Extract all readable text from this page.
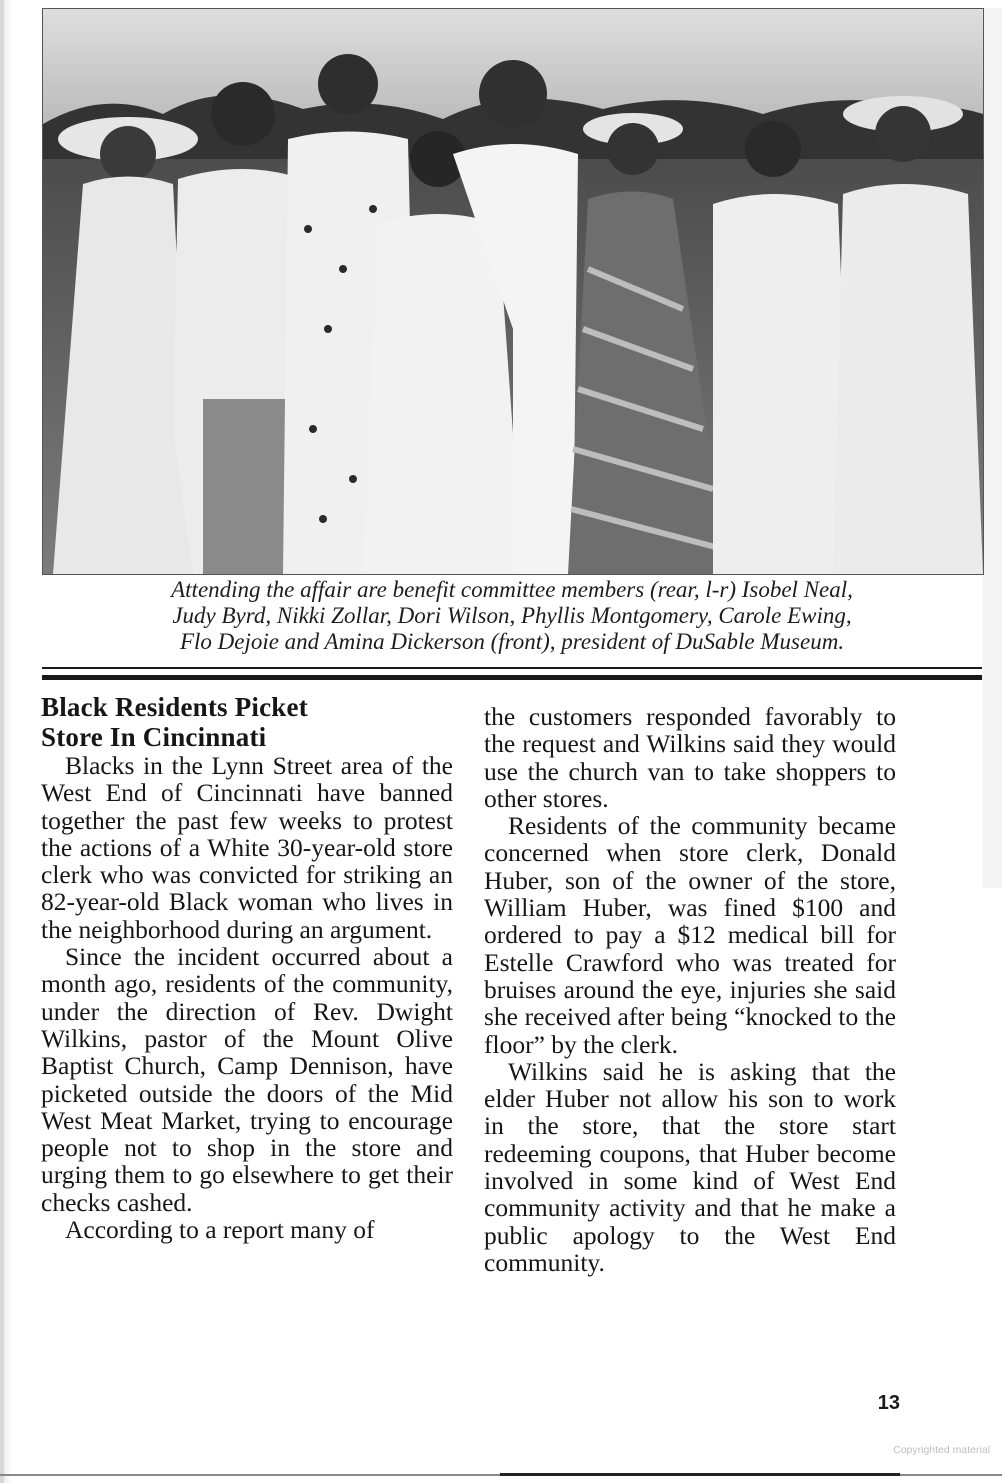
Attending the affair are benefit committee members (rear, l-r) Isobel Neal,
Judy Byrd, Nikki Zollar, Dori Wilson, Phyllis Montgomery, Carole Ewing,
Flo Dejoie and Amina Dickerson (front), president of DuSable Museum.
Black Residents Picket
Store In Cincinnati

Blacks in the Lynn Street area of the West End of Cincinnati have banned together the past few weeks to protest the actions of a White 30-year-old store clerk who was convicted for striking an 82-year-old Black woman who lives in the neighborhood during an argument.

Since the incident occurred about a month ago, residents of the community, under the direction of Rev. Dwight Wilkins, pastor of the Mount Olive Baptist Church, Camp Dennison, have picketed outside the doors of the Mid West Meat Market, trying to encourage people not to shop in the store and urging them to go elsewhere to get their checks cashed.

According to a report many of

the customers responded favorably to the request and Wilkins said they would use the church van to take shoppers to other stores.

Residents of the community became concerned when store clerk, Donald Huber, son of the owner of the store, William Huber, was fined $100 and ordered to pay a $12 medical bill for Estelle Crawford who was treated for bruises around the eye, injuries she said she received after being “knocked to the floor” by the clerk.

Wilkins said he is asking that the elder Huber not allow his son to work in the store, that the store start redeeming coupons, that Huber become involved in some kind of West End community activity and that he make a public apology to the West End community.

13
Copyrighted material
